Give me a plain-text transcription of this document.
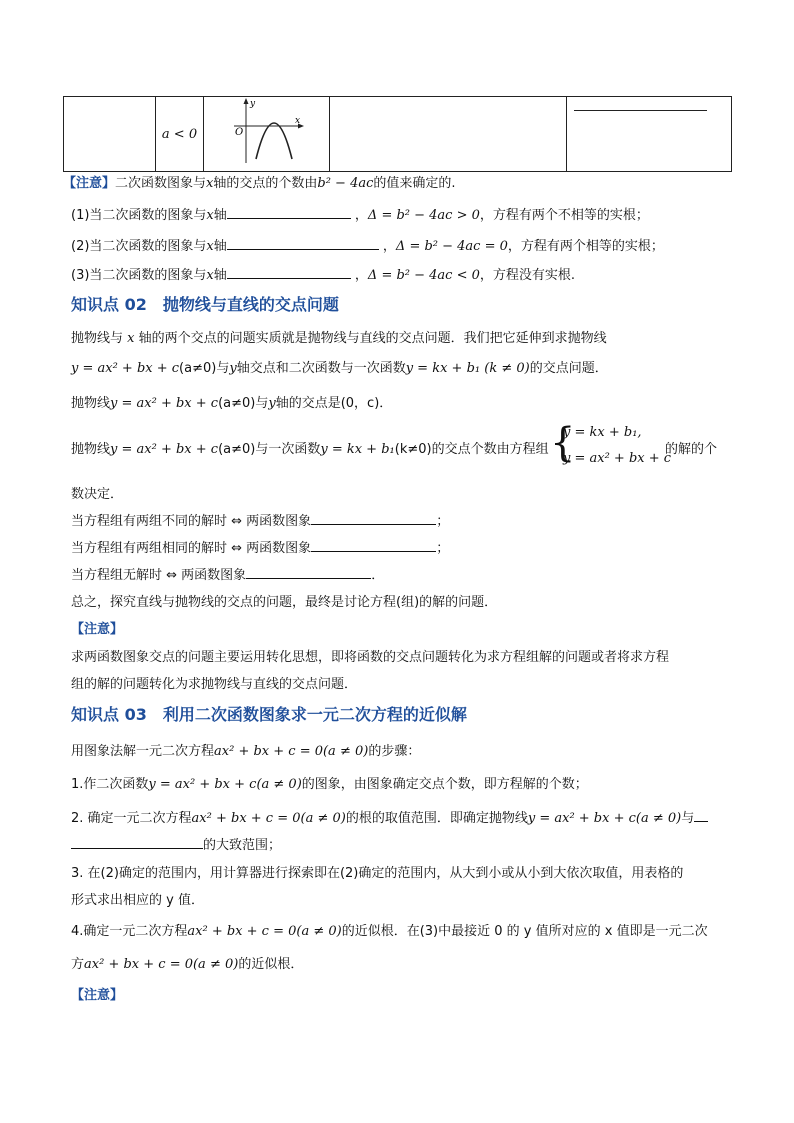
	a < 0	
y
x
O

【注意】二次函数图象与x轴的交点的个数由b² − 4ac的值来确定的.
(1)当二次函数的图象与x轴	，Δ = b² − 4ac > 0，方程有两个不相等的实根；
(2)当二次函数的图象与x轴	，Δ = b² − 4ac = 0，方程有两个相等的实根；
(3)当二次函数的图象与x轴	，Δ = b² − 4ac < 0，方程没有实根.
知识点 02　抛物线与直线的交点问题
抛物线与 x 轴的两个交点的问题实质就是抛物线与直线的交点问题．我们把它延伸到求抛物线
y = ax² + bx + c(a≠0)与y轴交点和二次函数与一次函数y = kx + b₁ (k ≠ 0)的交点问题．
抛物线y = ax² + bx + c(a≠0)与y轴的交点是(0，c)．
抛物线y = ax² + bx + c(a≠0)与一次函数y = kx + b₁(k≠0)的交点个数由方程组 {
y = kx + b₁,
y = ax² + bx + c
的解的个
数决定．
当方程组有两组不同的解时 ⇔ 两函数图象	；
当方程组有两组相同的解时 ⇔ 两函数图象	；
当方程组无解时 ⇔ 两函数图象	．
总之，探究直线与抛物线的交点的问题，最终是讨论方程(组)的解的问题．
【注意】
求两函数图象交点的问题主要运用转化思想，即将函数的交点问题转化为求方程组解的问题或者将求方程
组的解的问题转化为求抛物线与直线的交点问题．
知识点 03　利用二次函数图象求一元二次方程的近似解
用图象法解一元二次方程ax² + bx + c = 0(a ≠ 0)的步骤：
1.作二次函数y = ax² + bx + c(a ≠ 0)的图象，由图象确定交点个数，即方程解的个数；
2. 确定一元二次方程ax² + bx + c = 0(a ≠ 0)的根的取值范围．即确定抛物线y = ax² + bx + c(a ≠ 0)与
的大致范围；
3. 在(2)确定的范围内，用计算器进行探索即在(2)确定的范围内，从大到小或从小到大依次取值，用表格的
形式求出相应的 y 值．
4.确定一元二次方程ax² + bx + c = 0(a ≠ 0)的近似根．在(3)中最接近 0 的 y 值所对应的 x 值即是一元二次
方ax² + bx + c = 0(a ≠ 0)的近似根．
【注意】
